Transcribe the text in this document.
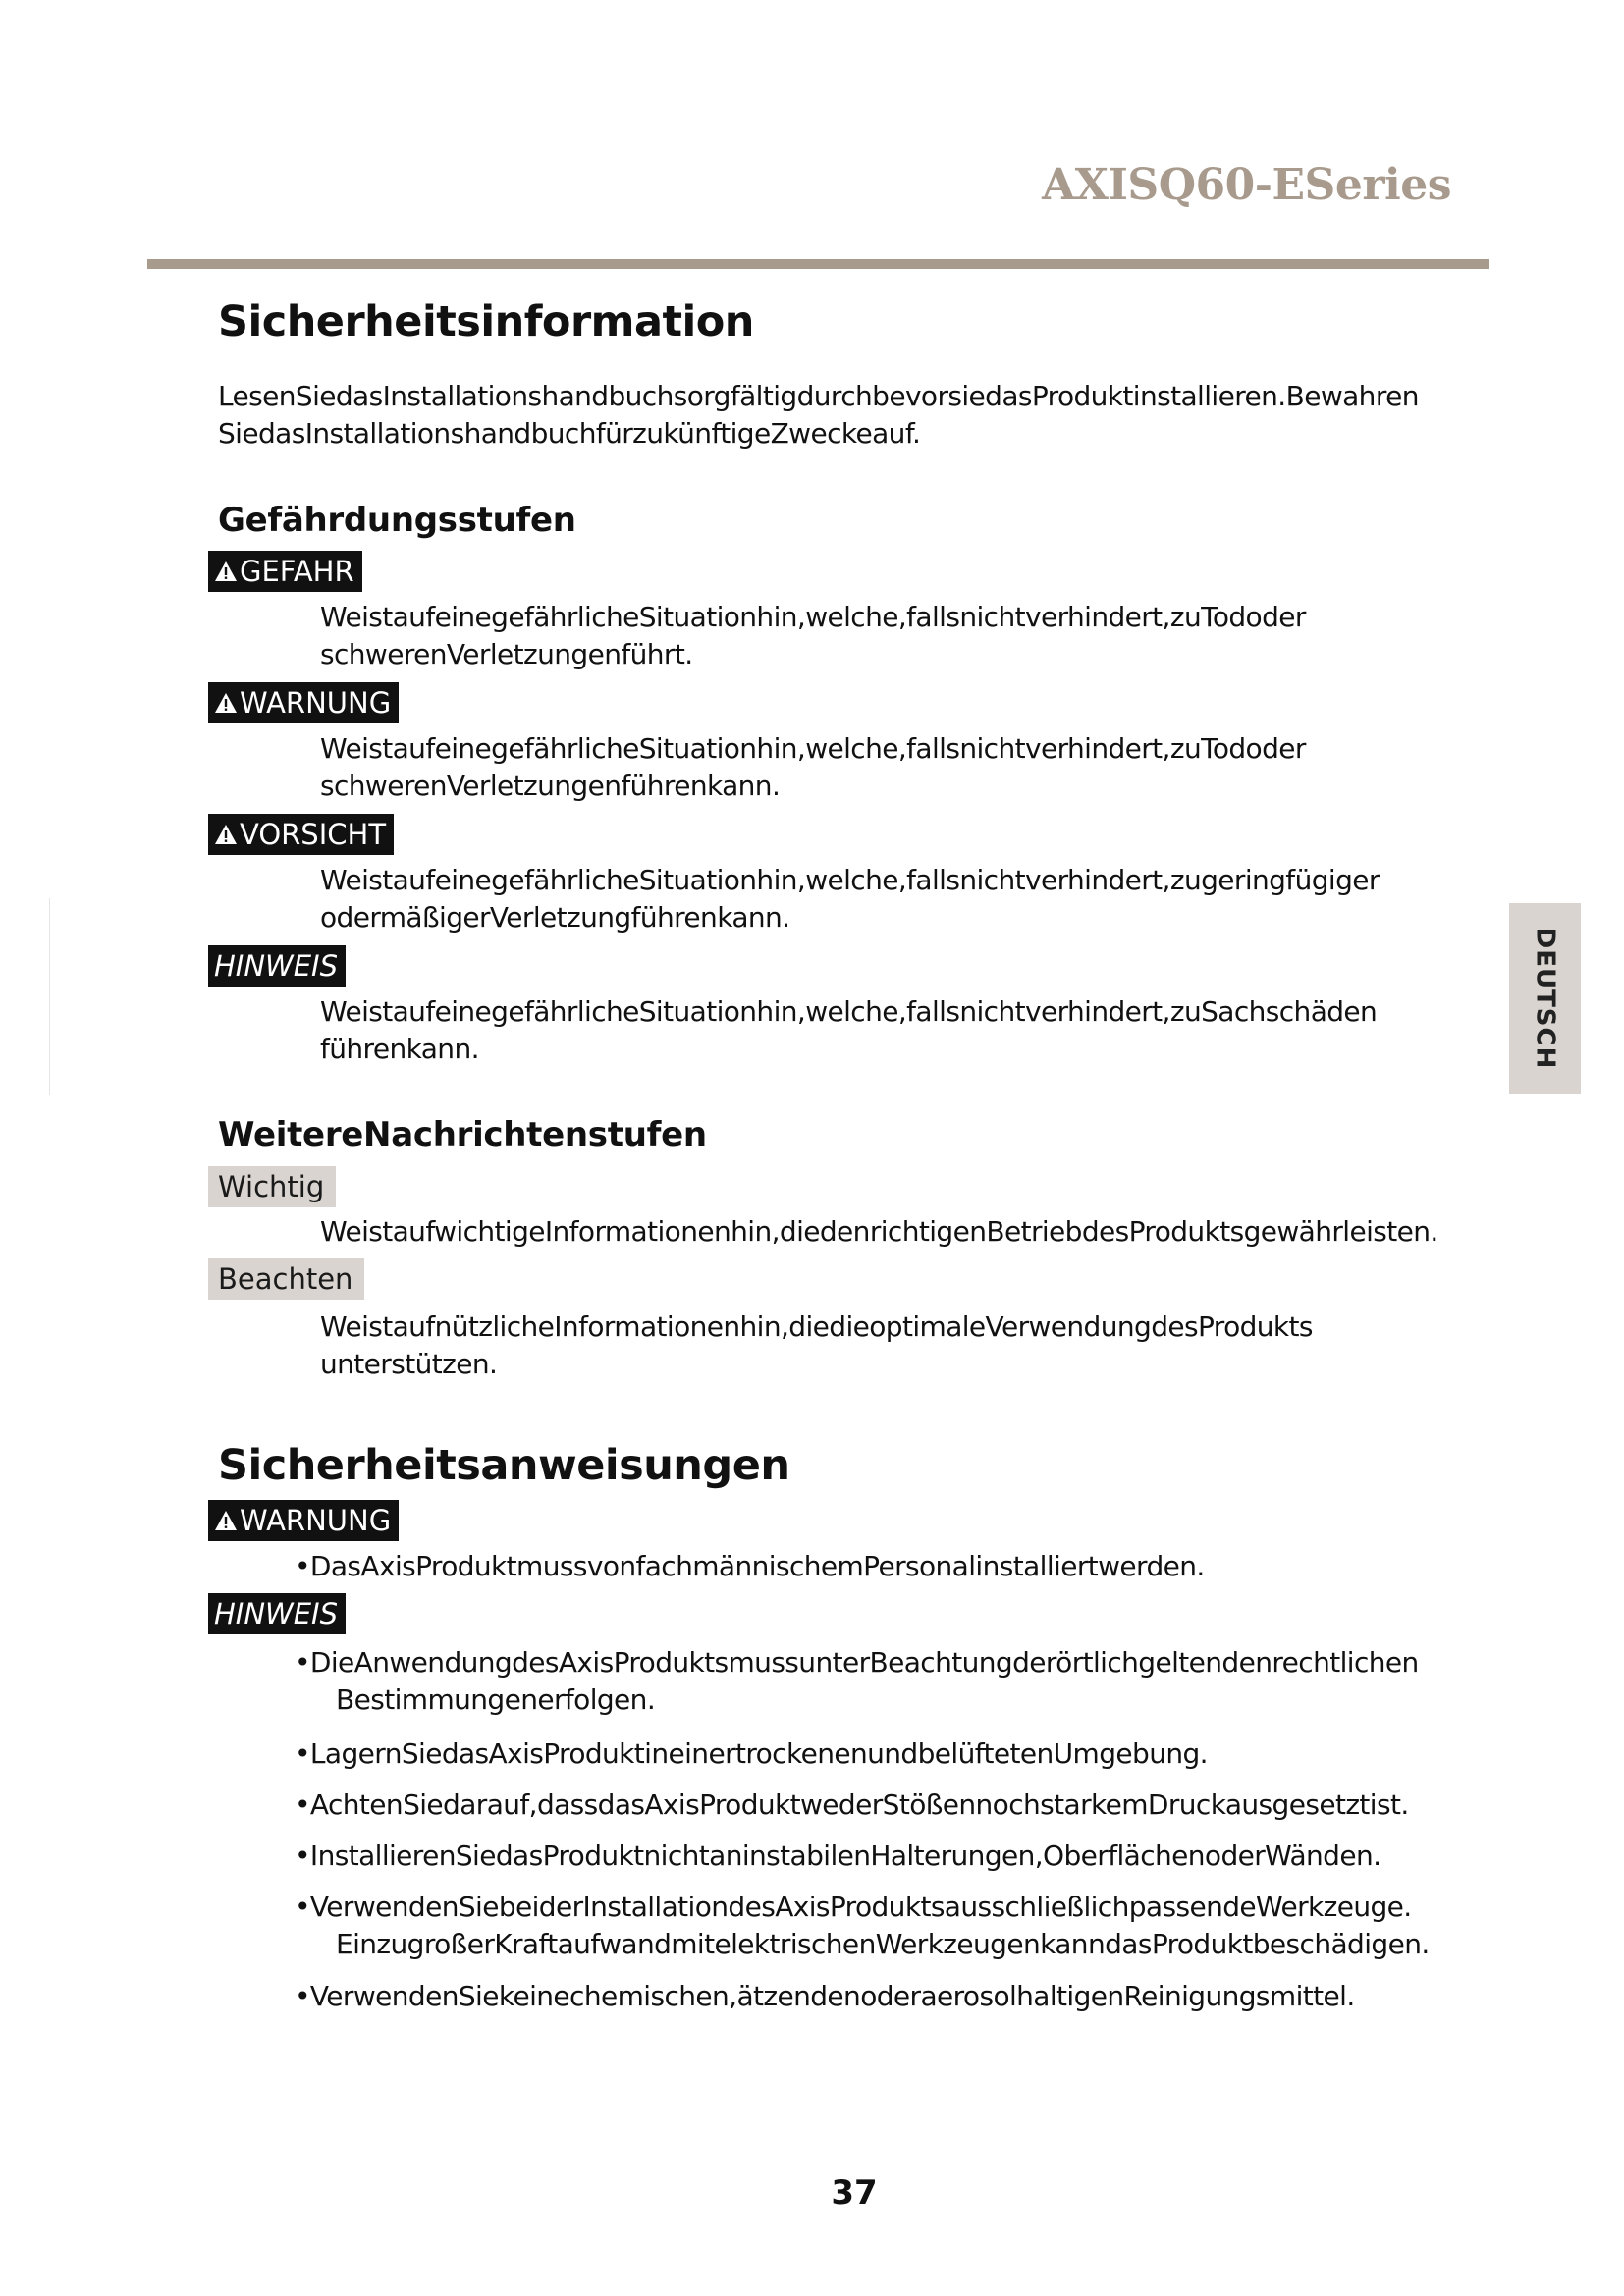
AXISQ60-ESeries
Sicherheitsinformation
LesenSiedasInstallationshandbuchsorgfältigdurchbevorsiedasProduktinstallieren.Bewahren
SiedasInstallationshandbuchfürzukünftigeZweckeauf.
Gefährdungsstufen
GEFAHR
WeistaufeinegefährlicheSituationhin,welche,fallsnichtverhindert,zuTododer
schwerenVerletzungenführt.
WARNUNG
WeistaufeinegefährlicheSituationhin,welche,fallsnichtverhindert,zuTododer
schwerenVerletzungenführenkann.
VORSICHT
WeistaufeinegefährlicheSituationhin,welche,fallsnichtverhindert,zugeringfügiger
odermäßigerVerletzungführenkann.
HINWEIS
WeistaufeinegefährlicheSituationhin,welche,fallsnichtverhindert,zuSachschäden
führenkann.
WeitereNachrichtenstufen
Wichtig
WeistaufwichtigeInformationenhin,diedenrichtigenBetriebdesProduktsgewährleisten.
Beachten
WeistaufnützlicheInformationenhin,diedieoptimaleVerwendungdesProdukts
unterstützen.
Sicherheitsanweisungen
WARNUNG
•DasAxisProduktmussvonfachmännischemPersonalinstalliertwerden.
HINWEIS
•DieAnwendungdesAxisProduktsmussunterBeachtungderörtlichgeltendenrechtlichen
Bestimmungenerfolgen.
•LagernSiedasAxisProduktineinertrockenenundbelüftetenUmgebung.
•AchtenSiedarauf,dassdasAxisProduktwederStößennochstarkemDruckausgesetztist.
•InstallierenSiedasProduktnichtaninstabilenHalterungen,OberflächenoderWänden.
•VerwendenSiebeiderInstallationdesAxisProduktsausschließlichpassendeWerkzeuge.
EinzugroßerKraftaufwandmitelektrischenWerkzeugenkanndasProduktbeschädigen.
•VerwendenSiekeinechemischen,ätzendenoderaerosolhaltigenReinigungsmittel.
DEUTSCH
37
